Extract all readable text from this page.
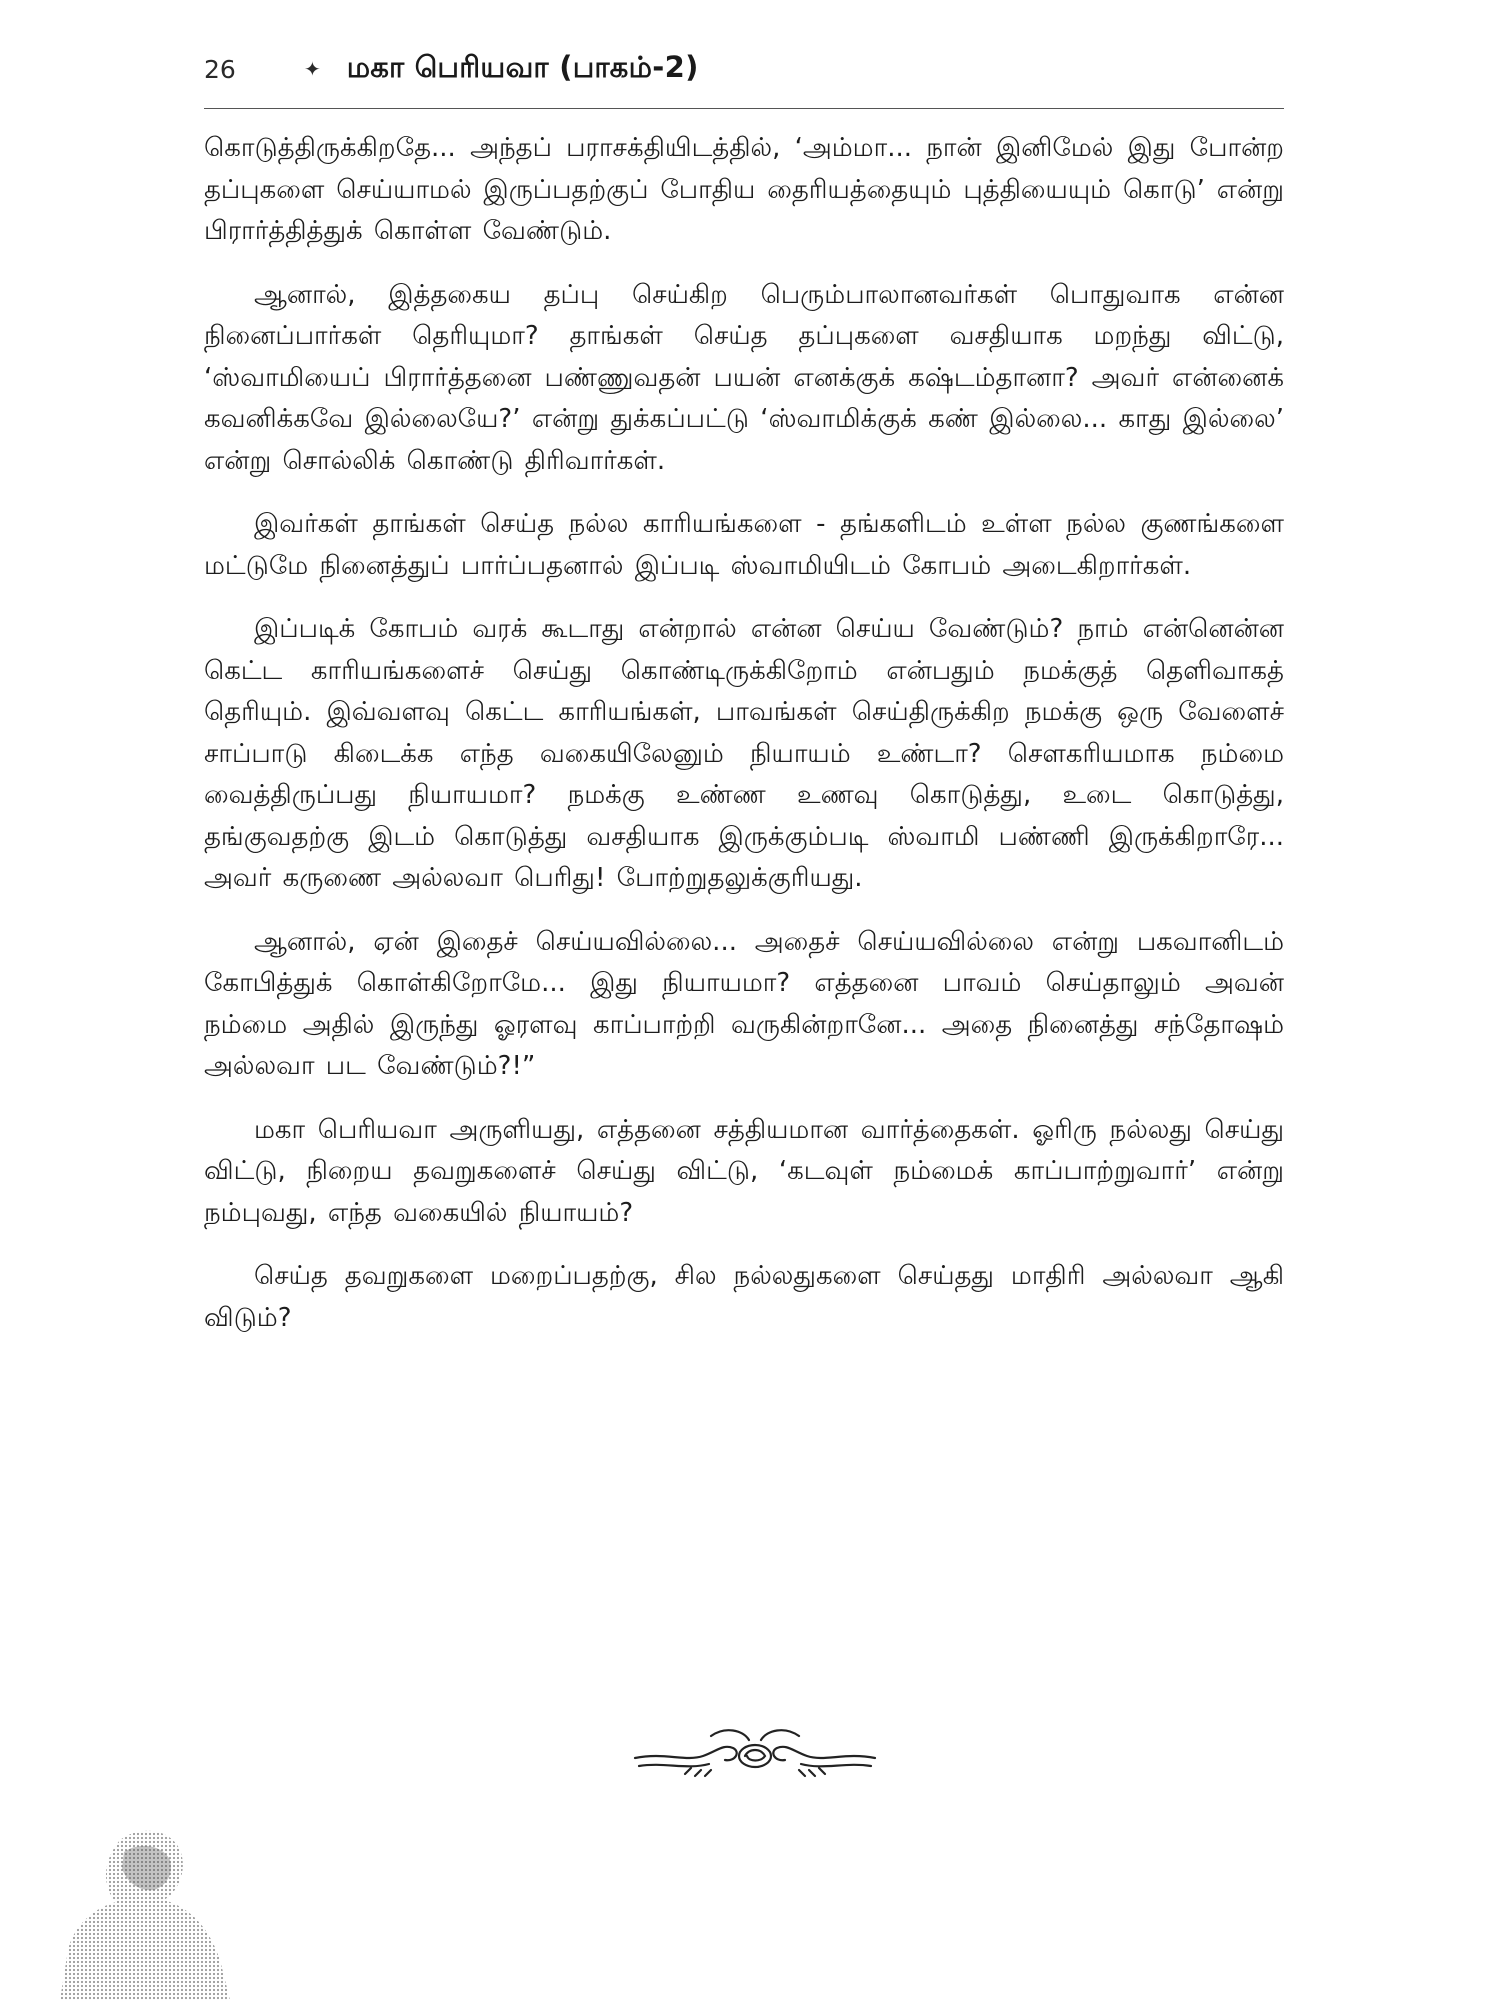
26	✦ மகா பெரியவா (பாகம்-2)

கொடுத்திருக்கிறதே... அந்தப் பராசக்தியிடத்தில், ‘அம்மா... நான் இனிமேல் இது போன்ற தப்புகளை செய்யாமல் இருப்பதற்குப் போதிய தைரியத்தையும் புத்தியையும் கொடு’ என்று பிரார்த்தித்துக் கொள்ள வேண்டும்.

ஆனால், இத்தகைய தப்பு செய்கிற பெரும்பாலானவர்கள் பொதுவாக என்ன நினைப்பார்கள் தெரியுமா? தாங்கள் செய்த தப்புகளை வசதியாக மறந்து விட்டு, ‘ஸ்வாமியைப் பிரார்த்தனை பண்ணுவதன் பயன் எனக்குக் கஷ்டம்தானா? அவர் என்னைக் கவனிக்கவே இல்லையே?’ என்று துக்கப்பட்டு ‘ஸ்வாமிக்குக் கண் இல்லை... காது இல்லை’ என்று சொல்லிக் கொண்டு திரிவார்கள்.

இவர்கள் தாங்கள் செய்த நல்ல காரியங்களை - தங்களிடம் உள்ள நல்ல குணங்களை மட்டுமே நினைத்துப் பார்ப்பதனால் இப்படி ஸ்வாமியிடம் கோபம் அடைகிறார்கள்.

இப்படிக் கோபம் வரக் கூடாது என்றால் என்ன செய்ய வேண்டும்? நாம் என்னென்ன கெட்ட காரியங்களைச் செய்து கொண்டிருக்கிறோம் என்பதும் நமக்குத் தெளிவாகத் தெரியும். இவ்வளவு கெட்ட காரியங்கள், பாவங்கள் செய்திருக்கிற நமக்கு ஒரு வேளைச் சாப்பாடு கிடைக்க எந்த வகையிலேனும் நியாயம் உண்டா? சௌகரியமாக நம்மை வைத்திருப்பது நியாயமா? நமக்கு உண்ண உணவு கொடுத்து, உடை கொடுத்து, தங்குவதற்கு இடம் கொடுத்து வசதியாக இருக்கும்படி ஸ்வாமி பண்ணி இருக்கிறாரே... அவர் கருணை அல்லவா பெரிது! போற்றுதலுக்குரியது.

ஆனால், ஏன் இதைச் செய்யவில்லை... அதைச் செய்யவில்லை என்று பகவானிடம் கோபித்துக் கொள்கிறோமே... இது நியாயமா? எத்தனை பாவம் செய்தாலும் அவன் நம்மை அதில் இருந்து ஓரளவு காப்பாற்றி வருகின்றானே... அதை நினைத்து சந்தோஷம் அல்லவா பட வேண்டும்?!”

மகா பெரியவா அருளியது, எத்தனை சத்தியமான வார்த்தைகள். ஓரிரு நல்லது செய்து விட்டு, நிறைய தவறுகளைச் செய்து விட்டு, ‘கடவுள் நம்மைக் காப்பாற்றுவார்’ என்று நம்புவது, எந்த வகையில் நியாயம்?

செய்த தவறுகளை மறைப்பதற்கு, சில நல்லதுகளை செய்தது மாதிரி அல்லவா ஆகி விடும்?
